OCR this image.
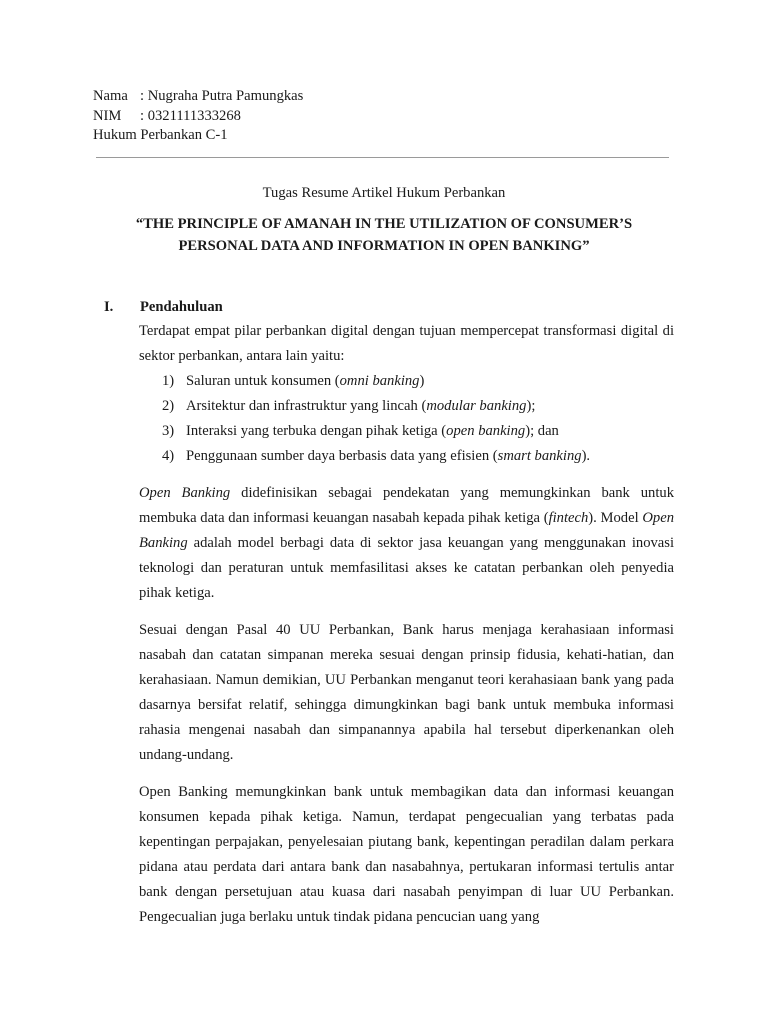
Nama : Nugraha Putra Pamungkas
NIM : 0321111333268
Hukum Perbankan C-1
Tugas Resume Artikel Hukum Perbankan
“THE PRINCIPLE OF AMANAH IN THE UTILIZATION OF CONSUMER’S PERSONAL DATA AND INFORMATION IN OPEN BANKING”
I. Pendahuluan

Terdapat empat pilar perbankan digital dengan tujuan mempercepat transformasi digital di sektor perbankan, antara lain yaitu:

1) Saluran untuk konsumen (omni banking)
2) Arsitektur dan infrastruktur yang lincah (modular banking);
3) Interaksi yang terbuka dengan pihak ketiga (open banking); dan
4) Penggunaan sumber daya berbasis data yang efisien (smart banking).

Open Banking didefinisikan sebagai pendekatan yang memungkinkan bank untuk membuka data dan informasi keuangan nasabah kepada pihak ketiga (fintech). Model Open Banking adalah model berbagi data di sektor jasa keuangan yang menggunakan inovasi teknologi dan peraturan untuk memfasilitasi akses ke catatan perbankan oleh penyedia pihak ketiga.

Sesuai dengan Pasal 40 UU Perbankan, Bank harus menjaga kerahasiaan informasi nasabah dan catatan simpanan mereka sesuai dengan prinsip fidusia, kehati-hatian, dan kerahasiaan. Namun demikian, UU Perbankan menganut teori kerahasiaan bank yang pada dasarnya bersifat relatif, sehingga dimungkinkan bagi bank untuk membuka informasi rahasia mengenai nasabah dan simpanannya apabila hal tersebut diperkenankan oleh undang-undang.

Open Banking memungkinkan bank untuk membagikan data dan informasi keuangan konsumen kepada pihak ketiga. Namun, terdapat pengecualian yang terbatas pada kepentingan perpajakan, penyelesaian piutang bank, kepentingan peradilan dalam perkara pidana atau perdata dari antara bank dan nasabahnya, pertukaran informasi tertulis antar bank dengan persetujuan atau kuasa dari nasabah penyimpan di luar UU Perbankan. Pengecualian juga berlaku untuk tindak pidana pencucian uang yang
